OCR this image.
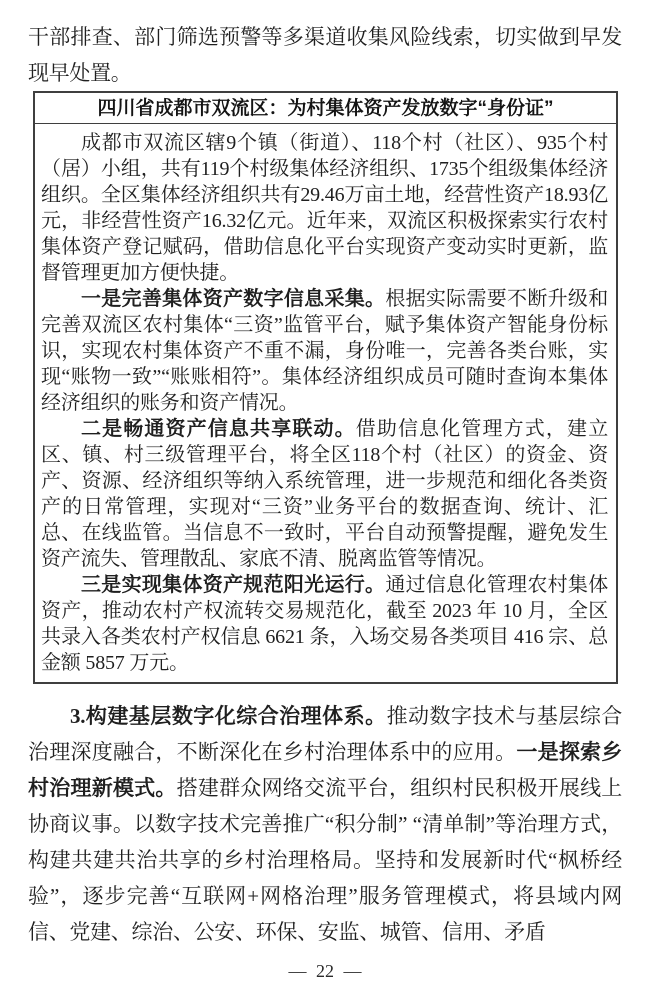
干部排查、部门筛选预警等多渠道收集风险线索，切实做到早发现早处置。

四川省成都市双流区：为村集体资产发放数字“身份证”

成都市双流区辖9个镇（街道）、118个村（社区）、935个村（居）小组，共有119个村级集体经济组织、1735个组级集体经济组织。全区集体经济组织共有29.46万亩土地，经营性资产18.93亿元，非经营性资产16.32亿元。近年来，双流区积极探索实行农村集体资产登记赋码，借助信息化平台实现资产变动实时更新，监督管理更加方便快捷。

一是完善集体资产数字信息采集。根据实际需要不断升级和完善双流区农村集体“三资”监管平台，赋予集体资产智能身份标识，实现农村集体资产不重不漏，身份唯一，完善各类台账，实现“账物一致”“账账相符”。集体经济组织成员可随时查询本集体经济组织的账务和资产情况。

二是畅通资产信息共享联动。借助信息化管理方式，建立区、镇、村三级管理平台，将全区118个村（社区）的资金、资产、资源、经济组织等纳入系统管理，进一步规范和细化各类资产的日常管理，实现对“三资”业务平台的数据查询、统计、汇总、在线监管。当信息不一致时，平台自动预警提醒，避免发生资产流失、管理散乱、家底不清、脱离监管等情况。

三是实现集体资产规范阳光运行。通过信息化管理农村集体资产，推动农村产权流转交易规范化，截至 2023 年 10 月，全区共录入各类农村产权信息 6621 条，入场交易各类项目 416 宗、总金额 5857 万元。

3.构建基层数字化综合治理体系。推动数字技术与基层综合治理深度融合，不断深化在乡村治理体系中的应用。一是探索乡村治理新模式。搭建群众网络交流平台，组织村民积极开展线上协商议事。以数字技术完善推广“积分制” “清单制”等治理方式，构建共建共治共享的乡村治理格局。坚持和发展新时代“枫桥经验”，逐步完善“互联网+网格治理”服务管理模式，将县域内网信、党建、综治、公安、环保、安监、城管、信用、矛盾

— 22 —
